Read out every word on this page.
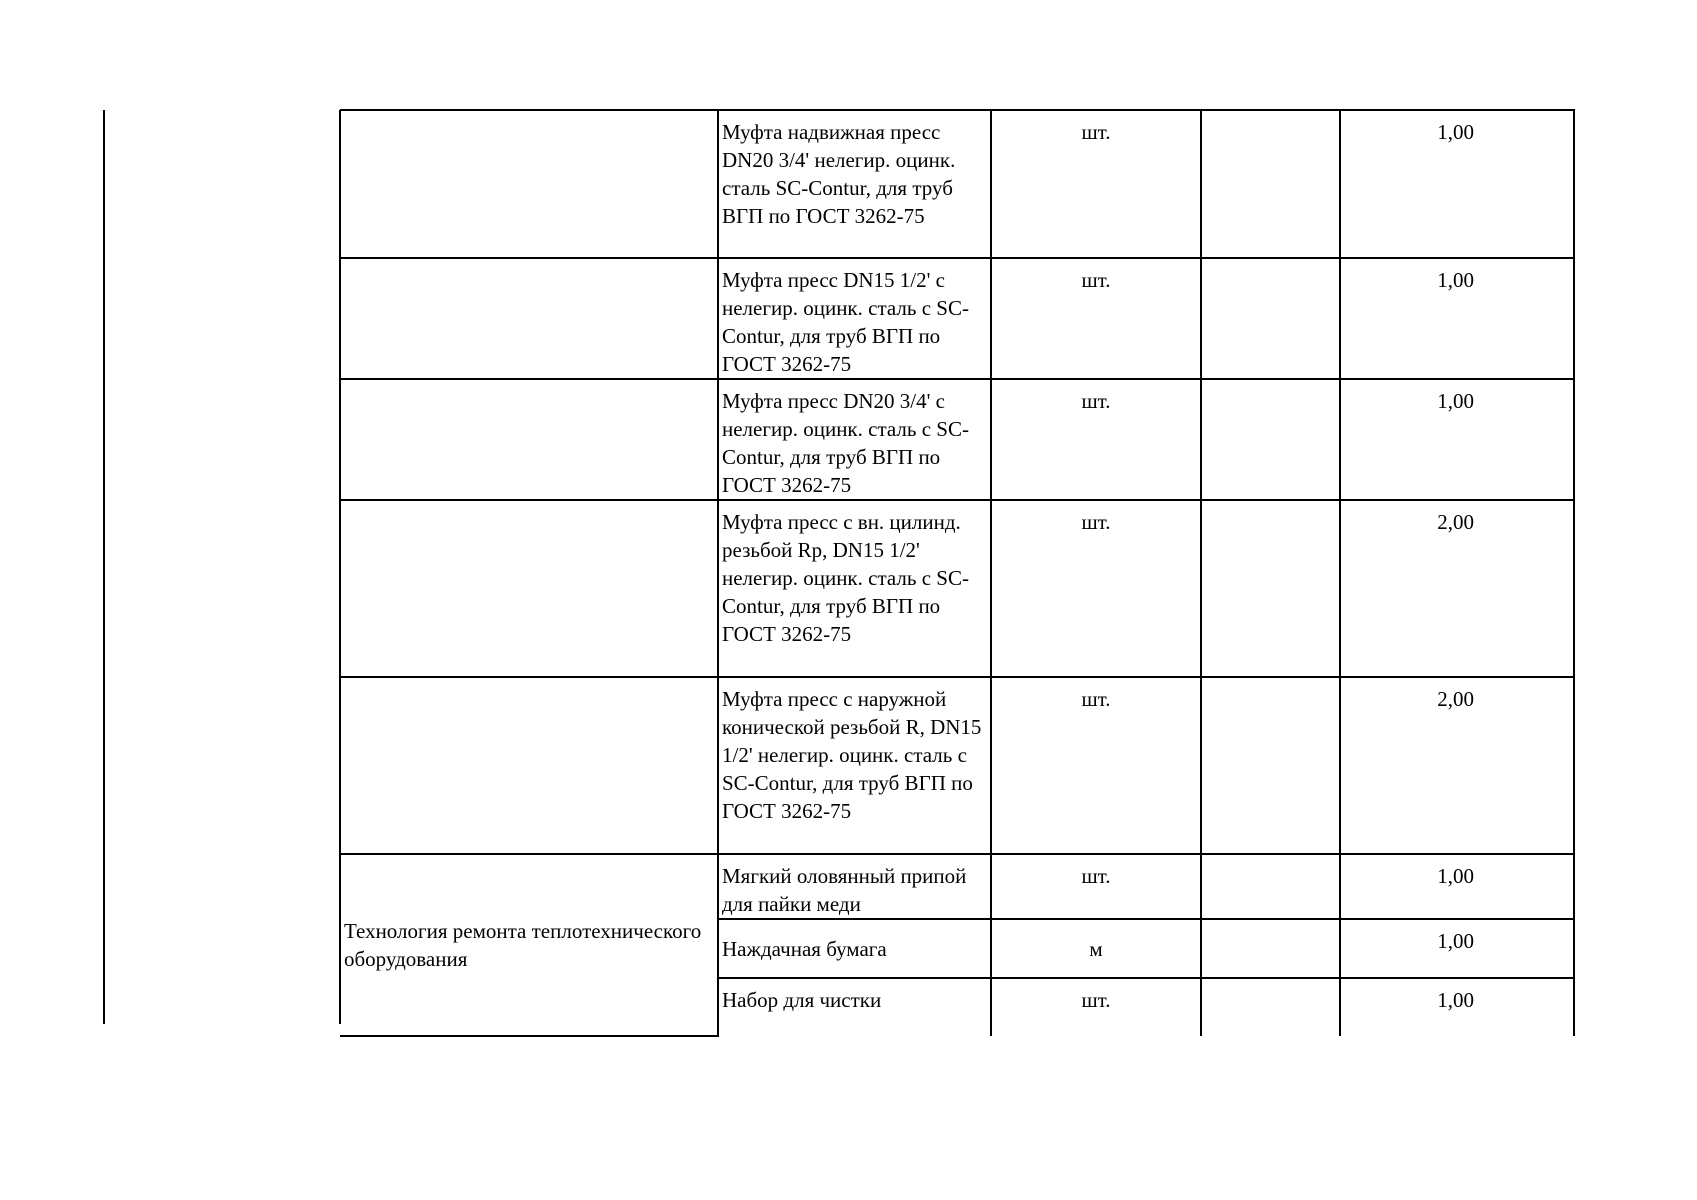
	Муфта надвижная пресс DN20 3/4' нелегир. оцинк. сталь SC-Contur, для труб ВГП по ГОСТ 3262-75	шт.		1,00
	Муфта пресс DN15 1/2' с нелегир. оцинк. сталь с SC-Contur, для труб ВГП по ГОСТ 3262-75	шт.		1,00
	Муфта пресс DN20 3/4' с нелегир. оцинк. сталь с SC-Contur, для труб ВГП по ГОСТ 3262-75	шт.		1,00
	Муфта пресс с вн. цилинд. резьбой Rp, DN15 1/2' нелегир. оцинк. сталь с SC-Contur, для труб ВГП по ГОСТ 3262-75	шт.		2,00
	Муфта пресс с наружной конической резьбой R, DN15 1/2' нелегир. оцинк. сталь с SC-Contur, для труб ВГП по ГОСТ 3262-75	шт.		2,00
Технология ремонта теплотехнического оборудования	Мягкий оловянный припой для пайки меди	шт.		1,00
	Наждачная бумага	м		1,00
	Набор для чистки	шт.		1,00
